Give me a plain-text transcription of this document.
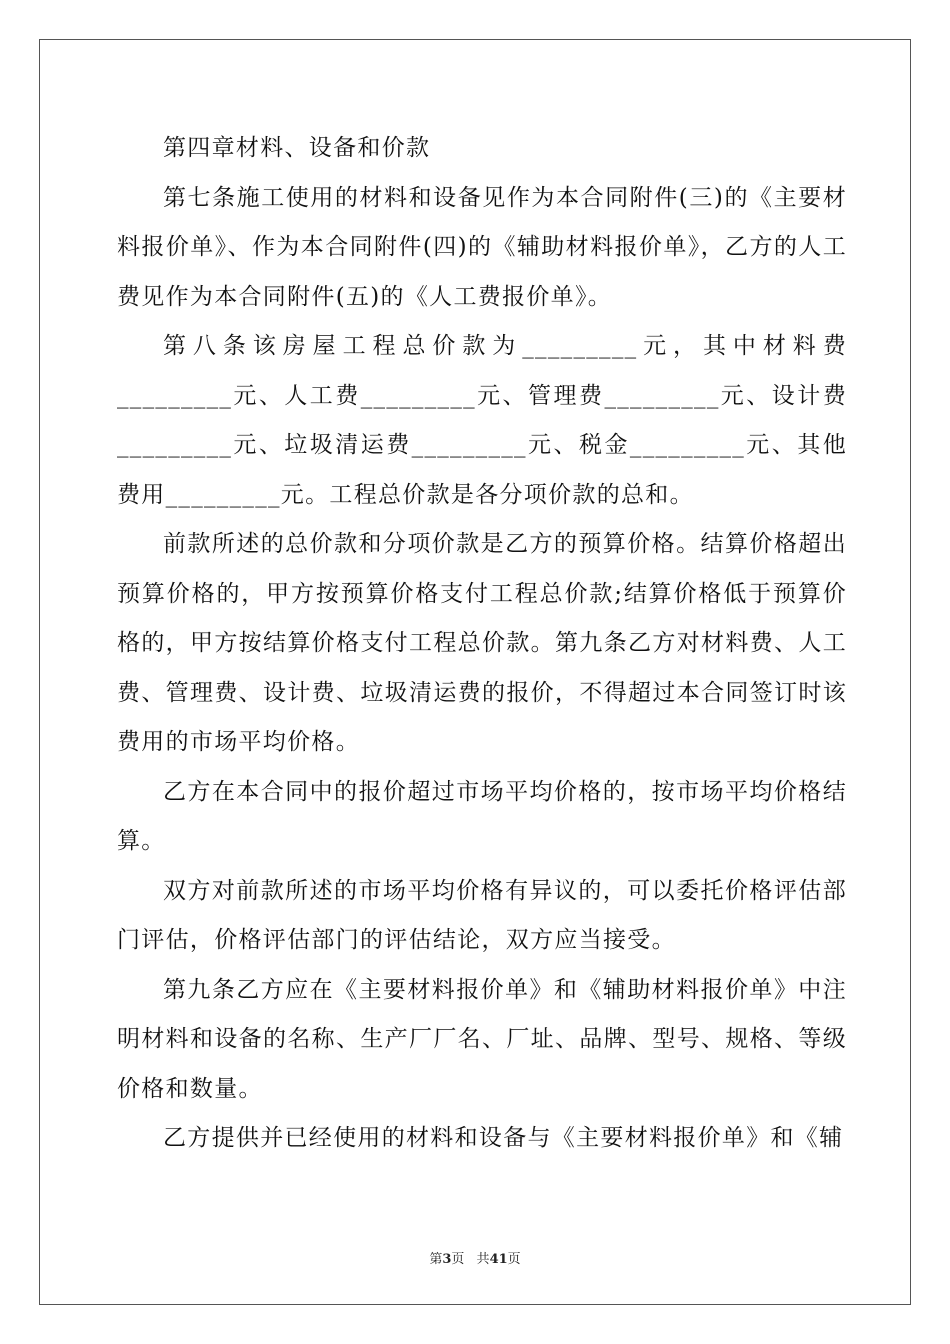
第四章材料、设备和价款

第七条施工使用的材料和设备见作为本合同附件(三)的《主要材料报价单》、作为本合同附件(四)的《辅助材料报价单》，乙方的人工费见作为本合同附件(五)的《人工费报价单》。

第八条该房屋工程总价款为_________元，其中材料费_________元、人工费_________元、管理费_________元、设计费_________元、垃圾清运费_________元、税金_________元、其他费用_________元。工程总价款是各分项价款的总和。

前款所述的总价款和分项价款是乙方的预算价格。结算价格超出预算价格的，甲方按预算价格支付工程总价款;结算价格低于预算价格的，甲方按结算价格支付工程总价款。第九条乙方对材料费、人工费、管理费、设计费、垃圾清运费的报价，不得超过本合同签订时该费用的市场平均价格。

乙方在本合同中的报价超过市场平均价格的，按市场平均价格结算。

双方对前款所述的市场平均价格有异议的，可以委托价格评估部门评估，价格评估部门的评估结论，双方应当接受。

第九条乙方应在《主要材料报价单》和《辅助材料报价单》中注明材料和设备的名称、生产厂厂名、厂址、品牌、型号、规格、等级价格和数量。

乙方提供并已经使用的材料和设备与《主要材料报价单》和《辅

第3页 共41页
